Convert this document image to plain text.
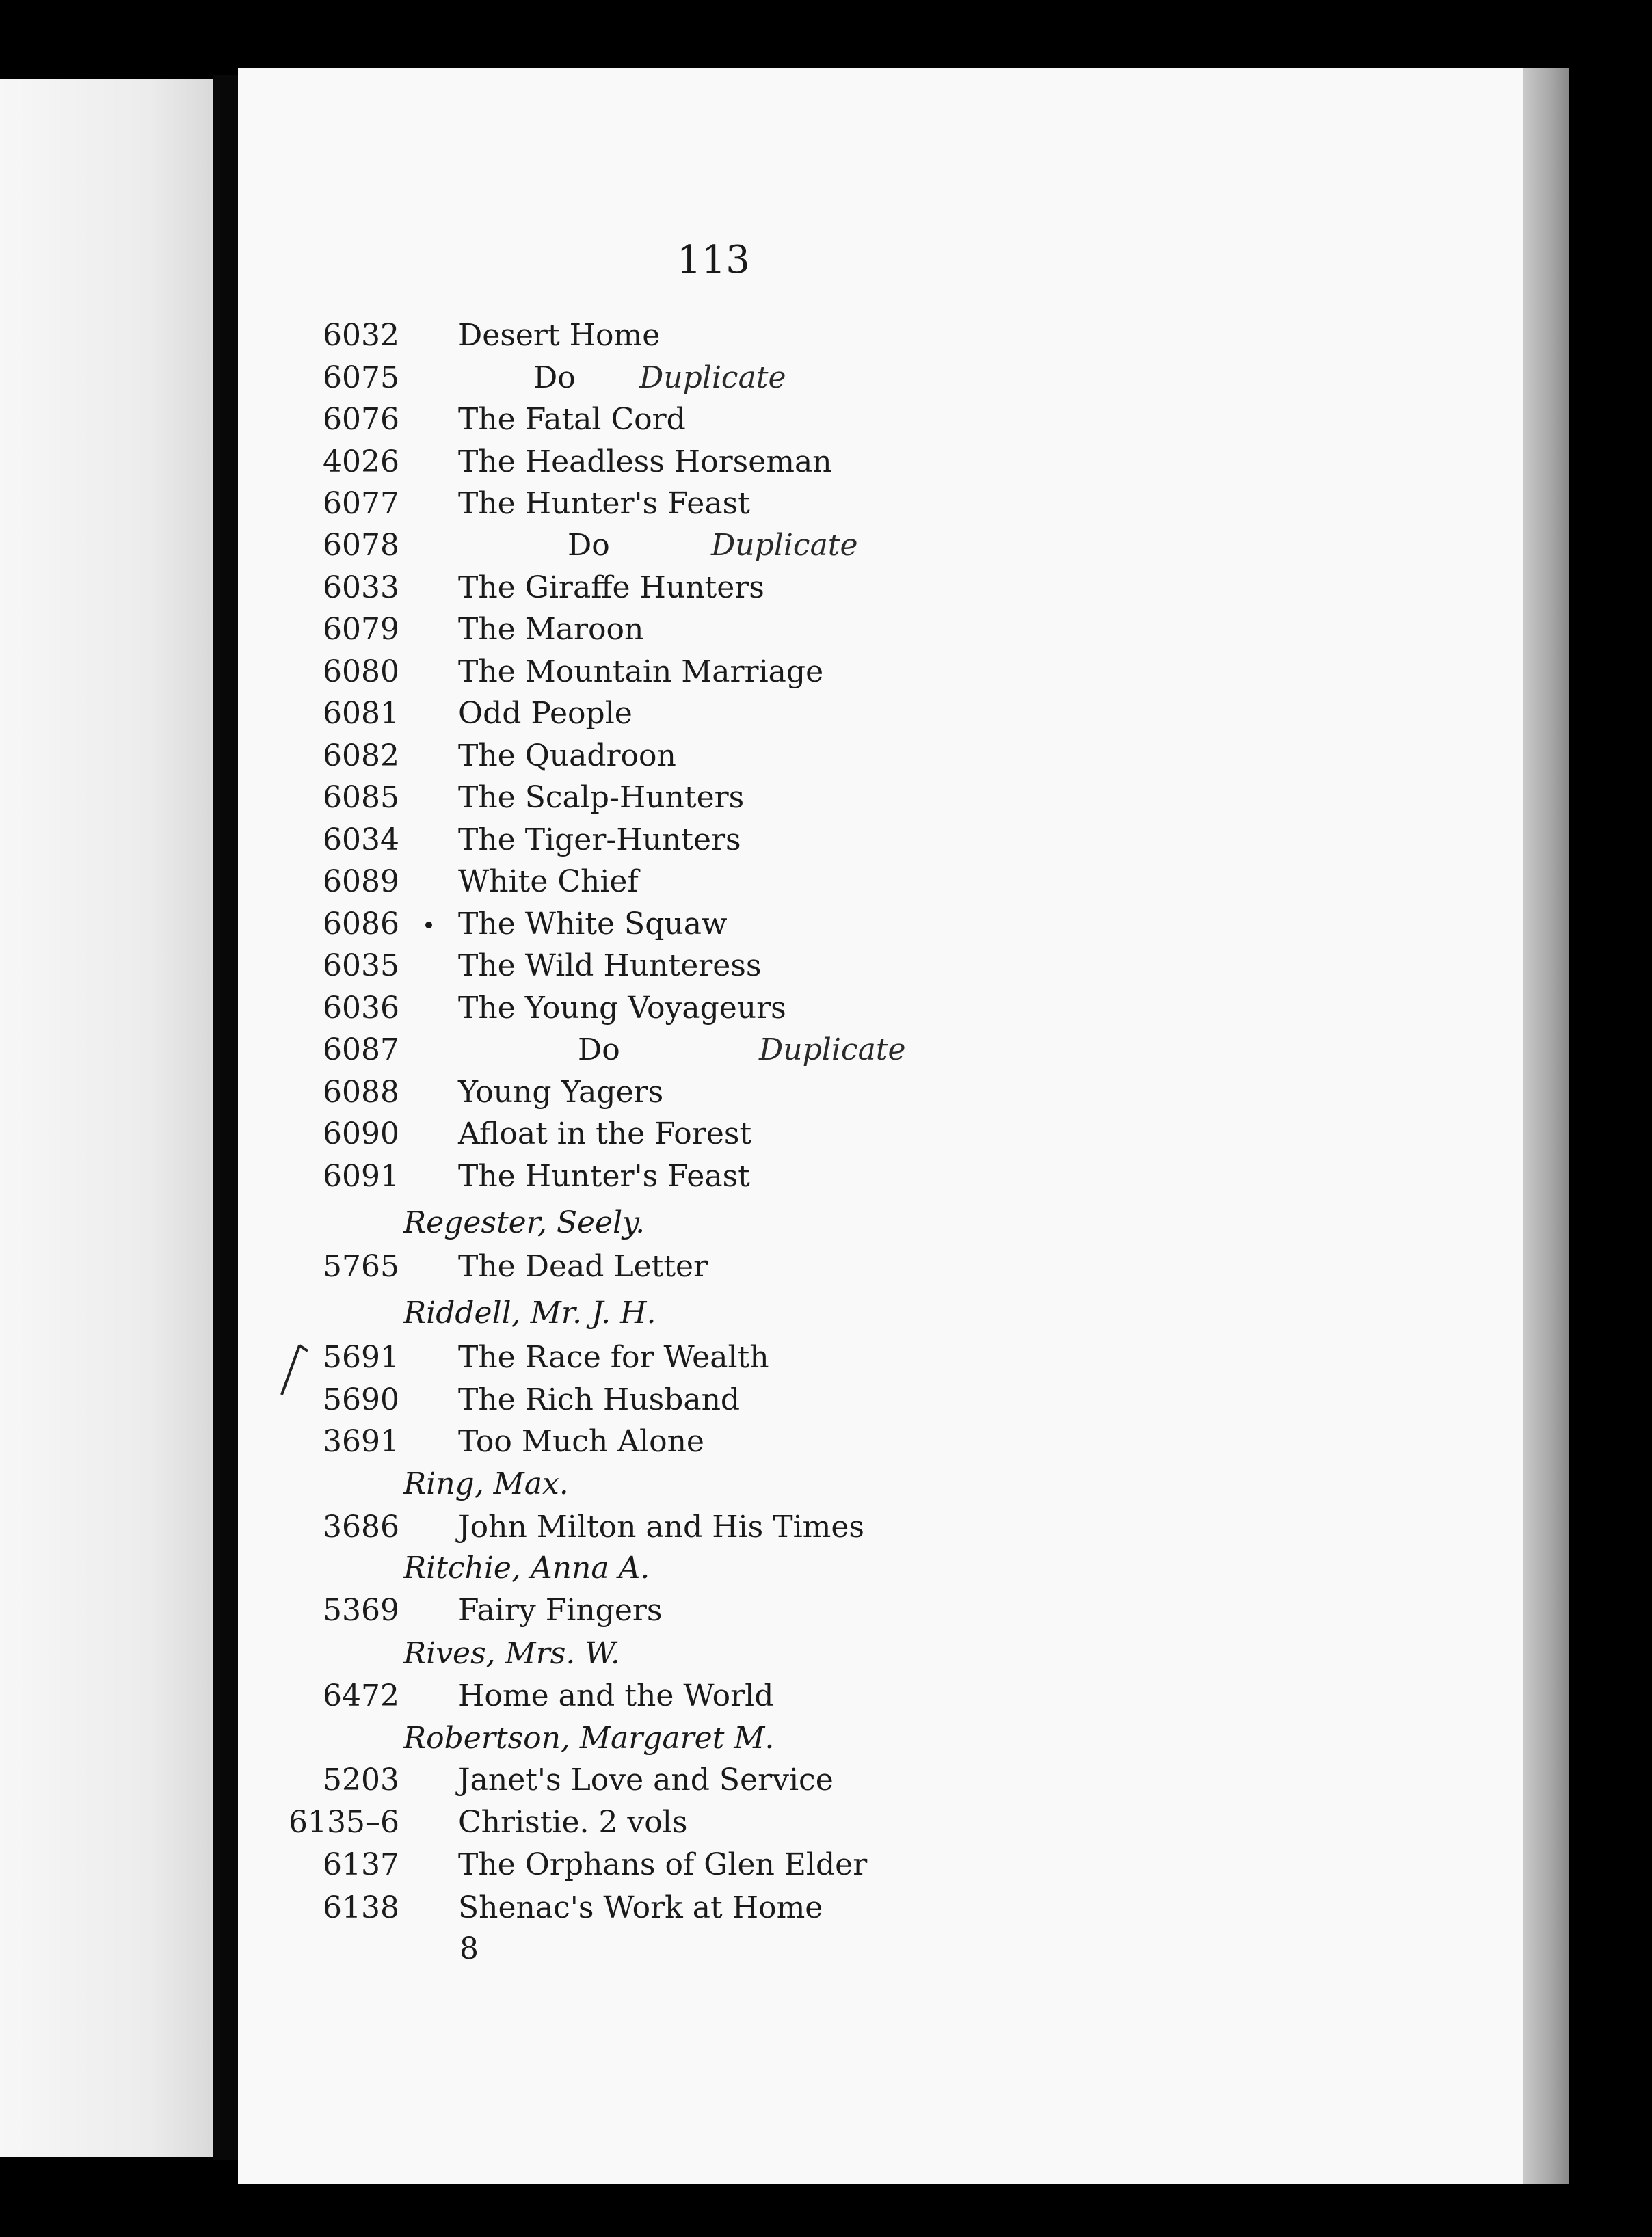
113
6032 Desert Home
6075	Do Duplicate
6076 The Fatal Cord
4026 The Headless Horseman
6077 The Hunter's Feast
6078	Do	Duplicate
6033 The Giraffe Hunters
6079 The Maroon
6080 The Mountain Marriage
6081 Odd People
6082 The Quadroon
6085 The Scalp-Hunters
6034 The Tiger-Hunters
6089 White Chief
6086 The White Squaw
6035 The Wild Hunteress
6036 The Young Voyageurs
6087	Do	Duplicate
6088 Young Yagers
6090 Afloat in the Forest
6091 The Hunter's Feast
Regester, Seely.
5765 The Dead Letter
Riddell, Mr. J. H.
5691 The Race for Wealth
5690 The Rich Husband
3691 Too Much Alone
Ring, Max.
3686 John Milton and His Times
Ritchie, Anna A.
5369 Fairy Fingers
Rives, Mrs. W.
6472 Home and the World
Robertson, Margaret M.
5203 Janet's Love and Service
6135–6 Christie. 2 vols
6137 The Orphans of Glen Elder
6138 Shenac's Work at Home
8
